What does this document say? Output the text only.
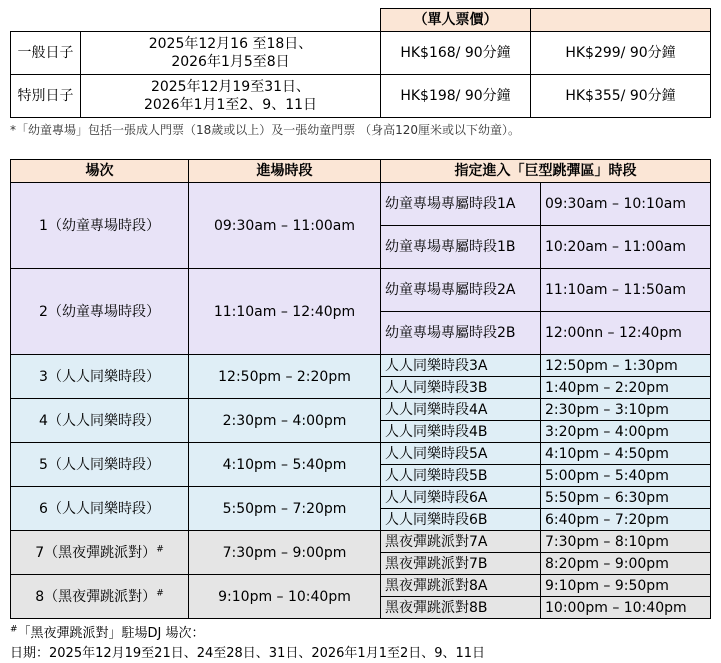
		（單人票價）	
一般日子	2025年12月16 至18日、
2026年1月5至8日	HK$168/ 90分鐘	HK$299/ 90分鐘
特別日子	2025年12月19至31日、
2026年1月1至2、9、11日	HK$198/ 90分鐘	HK$355/ 90分鐘
*「幼童專場」包括一張成人門票（18歲或以上）及一張幼童門票 （身高120厘米或以下幼童）。
場次	進場時段	指定進入「巨型跳彈區」時段	
1（幼童專場時段）	09:30am – 11:00am	幼童專場專屬時段1A	09:30am – 10:10am
		幼童專場專屬時段1B	10:20am – 11:00am
2（幼童專場時段）	11:10am – 12:40pm	幼童專場專屬時段2A	11:10am – 11:50am
		幼童專場專屬時段2B	12:00nn – 12:40pm
3（人人同樂時段）	12:50pm – 2:20pm	人人同樂時段3A	12:50pm – 1:30pm
		人人同樂時段3B	1:40pm – 2:20pm
4（人人同樂時段）	2:30pm – 4:00pm	人人同樂時段4A	2:30pm – 3:10pm
		人人同樂時段4B	3:20pm – 4:00pm
5（人人同樂時段）	4:10pm – 5:40pm	人人同樂時段5A	4:10pm – 4:50pm
		人人同樂時段5B	5:00pm – 5:40pm
6（人人同樂時段）	5:50pm – 7:20pm	人人同樂時段6A	5:50pm – 6:30pm
		人人同樂時段6B	6:40pm – 7:20pm
7（黑夜彈跳派對）#	7:30pm – 9:00pm	黑夜彈跳派對7A	7:30pm – 8:10pm
		黑夜彈跳派對7B	8:20pm – 9:00pm
8（黑夜彈跳派對）#	9:10pm – 10:40pm	黑夜彈跳派對8A	9:10pm – 9:50pm
		黑夜彈跳派對8B	10:00pm – 10:40pm
#「黑夜彈跳派對」駐場DJ 場次：
日期：2025年12月19至21日、24至28日、31日、2026年1月1至2日、9、11日
